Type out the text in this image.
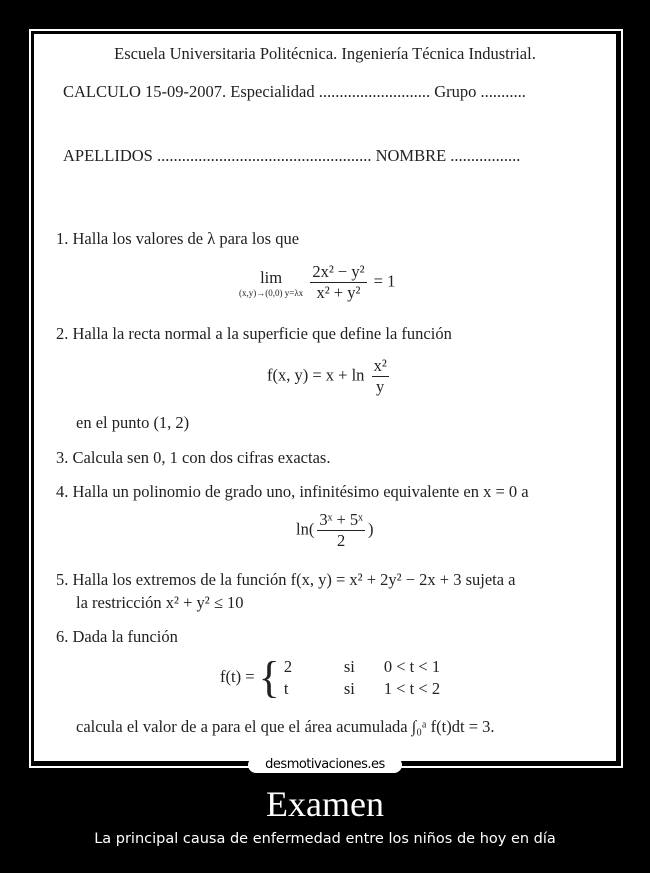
Escuela Universitaria Politécnica. Ingeniería Técnica Industrial.
CALCULO 15-09-2007. Especialidad ........................... Grupo ...........
APELLIDOS .................................................... NOMBRE .................
1. Halla los valores de λ para los que
lim
(x,y)→(0,0) y=λx
$\frac{\text{2x² − y²}}{\text{x² + y²}} = 1$
2. Halla la recta normal a la superficie que define la función
f(x, $y) = x + \ln \frac{\text{x²}}{y}$
en el punto (1, 2)
3. Calcula sen 0, 1 con dos cifras exactas.
4. Halla un polinomio de grado uno, infinitésimo equivalente en x = 0 a
$\ln( \frac{\text{3ˣ + 5ˣ}}{2}$ )
5. Halla los extremos de la función f(x, y) = x² + 2y² − 2x + 3 sujeta a
la restricción x² + y² ≤ 10
6. Dada la función
f(t) = { 2	si	0 < t < 1
t	si	1 < t < 2
calcula el valor de a para el que el área acumulada ∫₀ᵃ f(t)dt = 3.
desmotivaciones.es
Examen
La principal causa de enfermedad entre los niños de hoy en día
